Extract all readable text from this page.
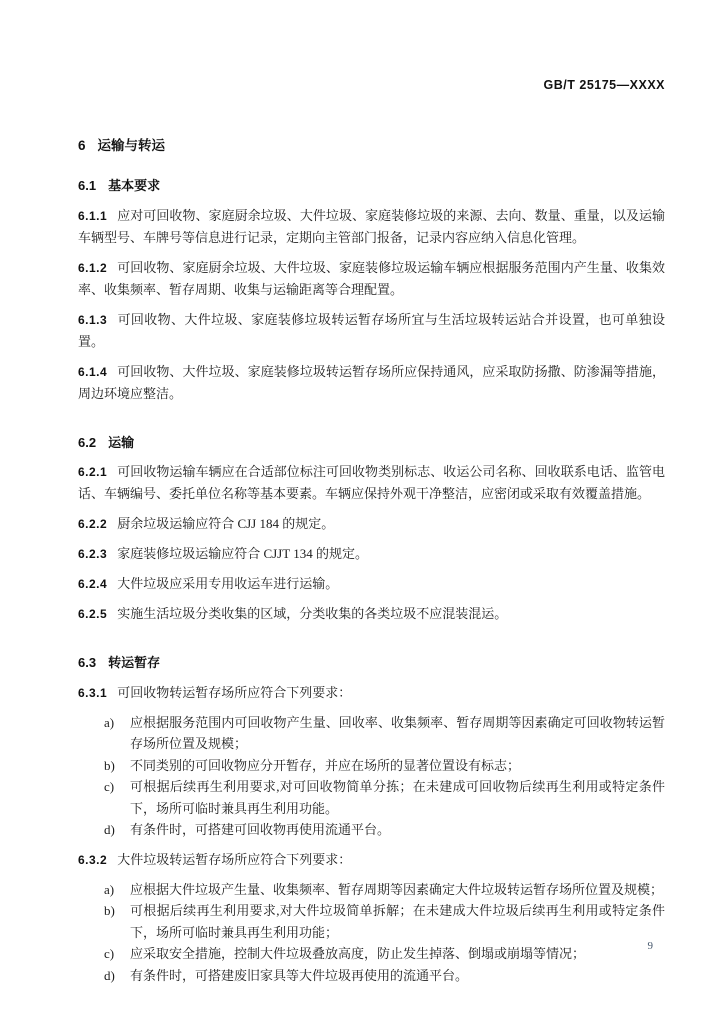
GB/T 25175—XXXX
6 运输与转运
6.1 基本要求

6.1.1 应对可回收物、家庭厨余垃圾、大件垃圾、家庭装修垃圾的来源、去向、数量、重量，以及运输车辆型号、车牌号等信息进行记录，定期向主管部门报备，记录内容应纳入信息化管理。

6.1.2 可回收物、家庭厨余垃圾、大件垃圾、家庭装修垃圾运输车辆应根据服务范围内产生量、收集效率、收集频率、暂存周期、收集与运输距离等合理配置。

6.1.3 可回收物、大件垃圾、家庭装修垃圾转运暂存场所宜与生活垃圾转运站合并设置，也可单独设置。

6.1.4 可回收物、大件垃圾、家庭装修垃圾转运暂存场所应保持通风，应采取防扬撒、防渗漏等措施，周边环境应整洁。

6.2 运输

6.2.1 可回收物运输车辆应在合适部位标注可回收物类别标志、收运公司名称、回收联系电话、监管电话、车辆编号、委托单位名称等基本要素。车辆应保持外观干净整洁，应密闭或采取有效覆盖措施。

6.2.2 厨余垃圾运输应符合 CJJ 184 的规定。

6.2.3 家庭装修垃圾运输应符合 CJJT 134 的规定。

6.2.4 大件垃圾应采用专用收运车进行运输。

6.2.5 实施生活垃圾分类收集的区域，分类收集的各类垃圾不应混装混运。

6.3 转运暂存

6.3.1 可回收物转运暂存场所应符合下列要求：

a)	应根据服务范围内可回收物产生量、回收率、收集频率、暂存周期等因素确定可回收物转运暂存场所位置及规模；
b)	不同类别的可回收物应分开暂存，并应在场所的显著位置设有标志；
c)	可根据后续再生利用要求,对可回收物简单分拣；在未建成可回收物后续再生利用或特定条件下，场所可临时兼具再生利用功能。
d)	有条件时，可搭建可回收物再使用流通平台。

6.3.2 大件垃圾转运暂存场所应符合下列要求：

a)	应根据大件垃圾产生量、收集频率、暂存周期等因素确定大件垃圾转运暂存场所位置及规模；
b)	可根据后续再生利用要求,对大件垃圾简单拆解；在未建成大件垃圾后续再生利用或特定条件下，场所可临时兼具再生利用功能；
c)	应采取安全措施，控制大件垃圾叠放高度，防止发生掉落、倒塌或崩塌等情况；
d)	有条件时，可搭建废旧家具等大件垃圾再使用的流通平台。
9
